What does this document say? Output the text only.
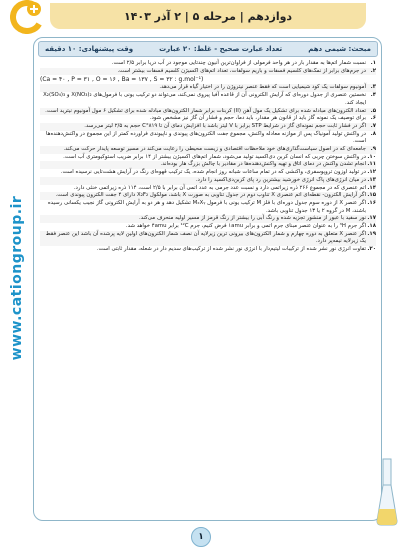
www.cationgroup.ir
دوازدهم | مرحله ۵ | ۲ آذر ۱۴۰۳
مبحث: شیمی دهم
تعداد عبارت صحیح - غلط: ۲۰ عبارت
وقت پیشنهادی: ۱۰ دقیقه
۱.
نسبت شمار اتم‌ها به مقدار بار در هر واحد فرمولی از فراوان‌ترین آنیون چندتایی موجود در آب دریا برابر ۲/۵ است.
۲.
در جرم‌های برابر از نمک‌های کلسیم فسفات و باریم سولفات، تعداد اتم‌های اکسیژن کلسیم فسفات بیشتر است.
(Ca = ۴۰ , P = ۳۱ , O = ۱۶ , Ba = ۱۳۷ , S = ۳۲ : g.mol⁻¹)
۳.
آمونیوم سولفات یک کود شیمیایی است که فقط عنصر نیتروژن را در اختیار گیاه قرار می‌دهد.
۴.
نخستین عنصری از جدول دوره‌ای که آرایش الکترونی آن از قاعده آفبا پیروی نمی‌کند، می‌تواند دو ترکیب یونی با فرمول‌های X(NO₃)₂ و X₂(SO₄)₃ ایجاد کند.
۵.
تعداد الکترون‌های مبادله شده برای تشکیل یک مول آهن (II) کربنات برابر شمار الکترون‌های مبادله شده برای تشکیل ۶ مول آمونیوم نیترید است.
۶.
برای توصیف یک نمونه گاز باید از قانون هر مقدار، باید دما، حجم و فشار آن گاز نیز مشخص شود.
۷.
اگر در فشار ثابت حجم نمونه‌ای گاز در شرایط STP برابر با V لیتر باشد با افزایش دمای آن تا ۸۱۹°C حجم به ۲/۵ لیتر می‌رسد.
۸.
در واکنش تولید آمونیاک پس از موازنه معادله واکنش، مجموع جفت الکترون‌های پیوندی و ناپیوندی فراورده کمتر از این مجموع در واکنش‌دهنده‌ها است.
۹.
جامعه‌ای که در اصول سیاست‌گذاری‌های خود ملاحظات اقتصادی و زیست محیطی را رعایت می‌کند در مسیر توسعه پایدار حرکت می‌کند.
۱۰.
در واکنش سوختن چربی که انسان کربن دی‌اکسید تولید می‌شود، شمار اتم‌های اکسیژن بیشتر از ۱۴ برابر ضریب استوکیومتری آب است.
۱۱.
انجام تشدن واکنش در دمای اتاق و تهیه واکنش‌دهنده‌ها در مقادیر با چالش بزرگ هار بوده‌اند.
۱۲.
در تولید اوزون تروپوسفری، واکنشی که در تمام ساعات شبانه روز انجام شده، یک ترکیب قهوه‌ای رنگ در آرایش هشت‌تایی نرسیده است.
۱۳.
در میان انرژی‌های پاک انرژی خورشید بیشترین رد پای کربن‌دی‌اکسید را دارد.
۱۴.
اتم عنصری که در مجموع ۲۶۶ ذره زیراتمی دارد و نسبت عدد جرمی به عدد اتمی آن برابر با ۲/۵ است، ۱۱۴ ذره زیراتمی خنثی دارد.
۱۵.
اگر آرایش الکترون- نقطه‌ای اتم عنصری X تناوب دوم در جدول تناوبی به صورت X باشد، مولکول X₂F₂ دارای ۴ جفت الکترون پیوندی است.
۱۶.
اگر عنصر X از دوره سوم جدول دوره‌ای با فلز M ترکیب یونی با فرمول MₓXᵧ تشکیل دهد و هر دو به آرایش الکترونی گاز نجیب یکسانی رسیده باشند، M در گروه ۲ یا ۱۳ جدول تناوبی باشد.
۱۷.
نور سفید با عبور از منشور تجزیه شده و رنگ آبی را بیشتر از رنگ قرمز از مسیر اولیه منحرف می‌کند.
۱۸.
اگر جرم ³H را به عنوان عنصر مبنای جرم اتمی و برابر ۱amu فرض کنیم، جرم ¹²C برابر ۴amu خواهد شد.
۱۹.
اگر عنصر X متعلق به دوره چهارم و شمار الکترون‌های بیرونی ترین زیرلایه آن نصف شمار الکترون‌های اولین لایه پرشده آن باشد این عنصر فقط یک زیرلایه نیمه‌پر دارد.
۲۰.
تفاوت انرژی نور نشر شده از ترکیبات لیتیم‌دار با انرژی نور نشر شده از ترکیب‌های سدیم دار در شعله، مقدار ثابتی است.
۱
